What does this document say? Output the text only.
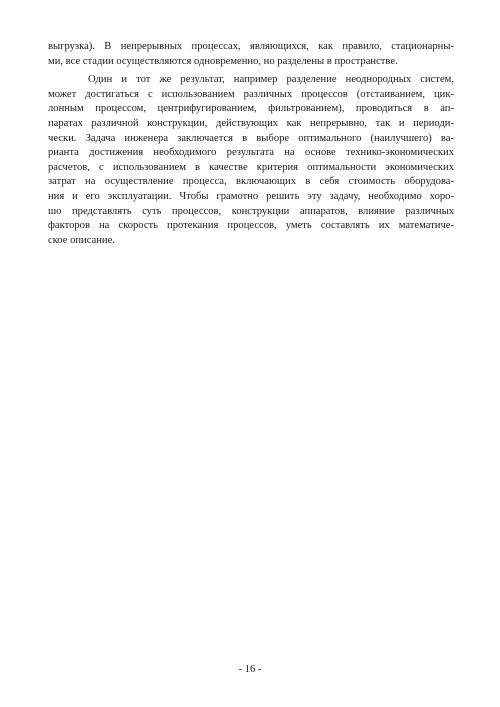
выгрузка). В непрерывных процессах, являющихся, как правило, стационарны-
ми, все стадии осуществляются одновременно, но разделены в пространстве.
Один и тот же результат, например разделение неоднородных систем,
может достигаться с использованием различных процессов (отстаиванием, цик-
лонным процессом, центрифугированием, фильтрованием), проводиться в ап-
паратах различной конструкции, действующих как непрерывно, так и периоди-
чески. Задача инженера заключается в выборе оптимального (наилучшего) ва-
рианта достижения необходимого результата на основе технико-экономических
расчетов, с использованием в качестве критерия оптимальности экономических
затрат на осуществление процесса, включающих в себя стоимость оборудова-
ния и его эксплуатации. Чтобы грамотно решить эту задачу, необходимо хоро-
шо представлять суть процессов, конструкции аппаратов, влияние различных
факторов на скорость протекания процессов, уметь составлять их математиче-
ское описание.
- 16 -
